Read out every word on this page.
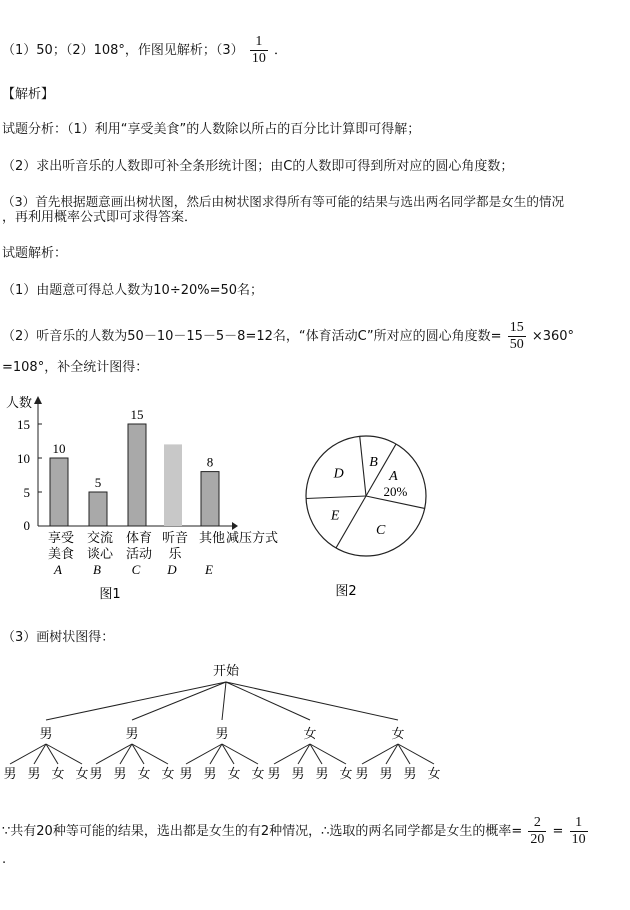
（1）50；（2）108°，作图见解析；$(3) \frac{1}{10}$ ．
【解析】
试题分析：（1）利用“享受美食”的人数除以所占的百分比计算即可得解；
（2）求出听音乐的人数即可补全条形统计图；由C的人数即可得到所对应的圆心角度数；
（3）首先根据题意画出树状图，然后由树状图求得所有等可能的结果与选出两名同学都是女生的情况
，再利用概率公式即可求得答案．
试题解析：
（1）由题意可得总人数为10÷20%=50名；
（2）听音乐的人数为50－10－15－5－8=12名，“体育活动C”所对应的圆心角度数= $\frac{15}{50} \times 360^\circ$
=108°，补全统计图得：
人数
减压方式
0
5
10
15
10
享受
美食
A
5
交流
谈心
B
15
体育
活动
C
听音
乐
D
8
其他
E
图1
A
20%
C
E
D
B
图2
（3）画树状图得：
开始
男
男 男 女 女
男
男 男 女 女
男
男 男 女 女
女
男 男 男 女
女
男 男 男 女
∵共有20种等可能的结果，选出都是女生的有2种情况，∴选取的两名同学都是女生的概率= $\frac{2}{20} = \frac{1}{10}$
.
